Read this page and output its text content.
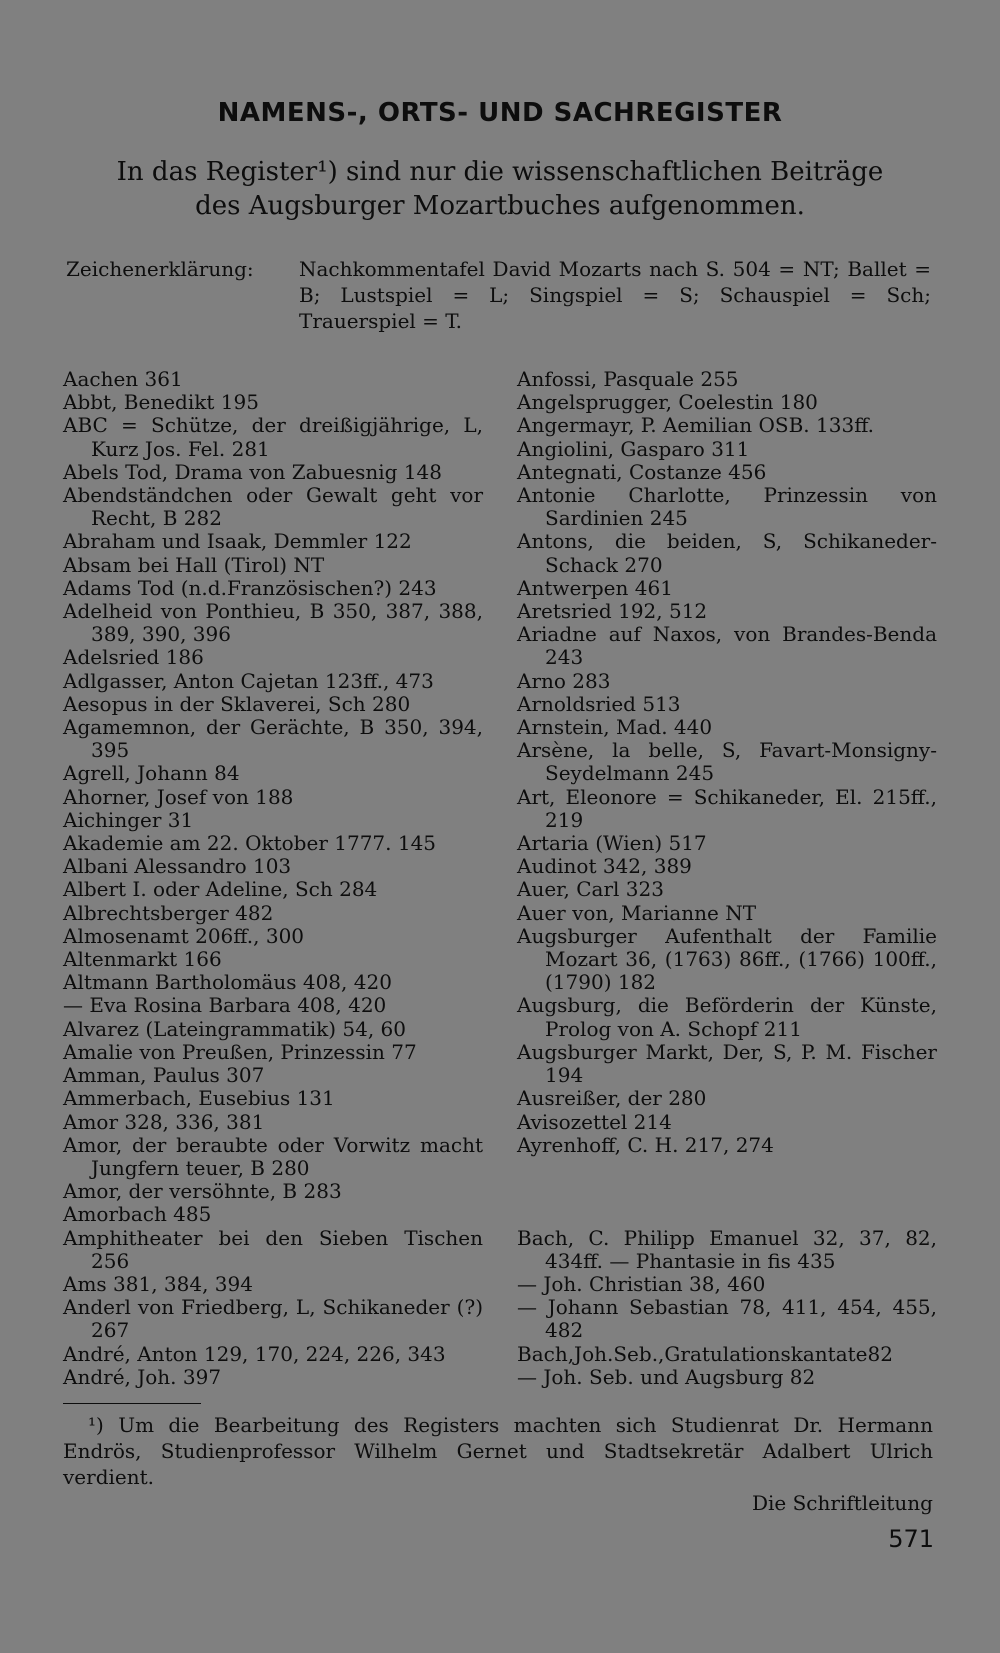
NAMENS-, ORTS- UND SACHREGISTER
In das Register¹) sind nur die wissenschaftlichen Beiträge
des Augsburger Mozartbuches aufgenommen.
Zeichenerklärung: Nachkommentafel David Mozarts nach S. 504 = NT; Ballet = B; Lustspiel = L; Singspiel = S; Schauspiel = Sch; Trauerspiel = T.
Aachen 361
Abbt, Benedikt 195
ABC = Schütze, der dreißigjährige, L, Kurz Jos. Fel. 281
Abels Tod, Drama von Zabuesnig 148
Abendständchen oder Gewalt geht vor Recht, B 282
Abraham und Isaak, Demmler 122
Absam bei Hall (Tirol) NT
Adams Tod (n.d.Französischen?) 243
Adelheid von Ponthieu, B 350, 387, 388, 389, 390, 396
Adelsried 186
Adlgasser, Anton Cajetan 123ff., 473
Aesopus in der Sklaverei, Sch 280
Agamemnon, der Gerächte, B 350, 394, 395
Agrell, Johann 84
Ahorner, Josef von 188
Aichinger 31
Akademie am 22. Oktober 1777. 145
Albani Alessandro 103
Albert I. oder Adeline, Sch 284
Albrechtsberger 482
Almosenamt 206ff., 300
Altenmarkt 166
Altmann Bartholomäus 408, 420
— Eva Rosina Barbara 408, 420
Alvarez (Lateingrammatik) 54, 60
Amalie von Preußen, Prinzessin 77
Amman, Paulus 307
Ammerbach, Eusebius 131
Amor 328, 336, 381
Amor, der beraubte oder Vorwitz macht Jungfern teuer, B 280
Amor, der versöhnte, B 283
Amorbach 485
Amphitheater bei den Sieben Tischen 256
Ams 381, 384, 394
Anderl von Friedberg, L, Schikaneder (?) 267
André, Anton 129, 170, 224, 226, 343
André, Joh. 397
Anfossi, Pasquale 255
Angelsprugger, Coelestin 180
Angermayr, P. Aemilian OSB. 133ff.
Angiolini, Gasparo 311
Antegnati, Costanze 456
Antonie Charlotte, Prinzessin von Sardinien 245
Antons, die beiden, S, Schikaneder-Schack 270
Antwerpen 461
Aretsried 192, 512
Ariadne auf Naxos, von Brandes-Benda 243
Arno 283
Arnoldsried 513
Arnstein, Mad. 440
Arsène, la belle, S, Favart-Monsigny-Seydelmann 245
Art, Eleonore = Schikaneder, El. 215ff., 219
Artaria (Wien) 517
Audinot 342, 389
Auer, Carl 323
Auer von, Marianne NT
Augsburger Aufenthalt der Familie Mozart 36, (1763) 86ff., (1766) 100ff., (1790) 182
Augsburg, die Beförderin der Künste, Prolog von A. Schopf 211
Augsburger Markt, Der, S, P. M. Fischer 194
Ausreißer, der 280
Avisozettel 214
Ayrenhoff, C. H. 217, 274
Bach, C. Philipp Emanuel 32, 37, 82, 434ff. — Phantasie in fis 435
— Joh. Christian 38, 460
— Johann Sebastian 78, 411, 454, 455, 482
Bach,Joh.Seb.,Gratulationskantate82
— Joh. Seb. und Augsburg 82
¹) Um die Bearbeitung des Registers machten sich Studienrat Dr. Hermann Endrös, Studienprofessor Wilhelm Gernet und Stadtsekretär Adalbert Ulrich verdient.
Die Schriftleitung
571
